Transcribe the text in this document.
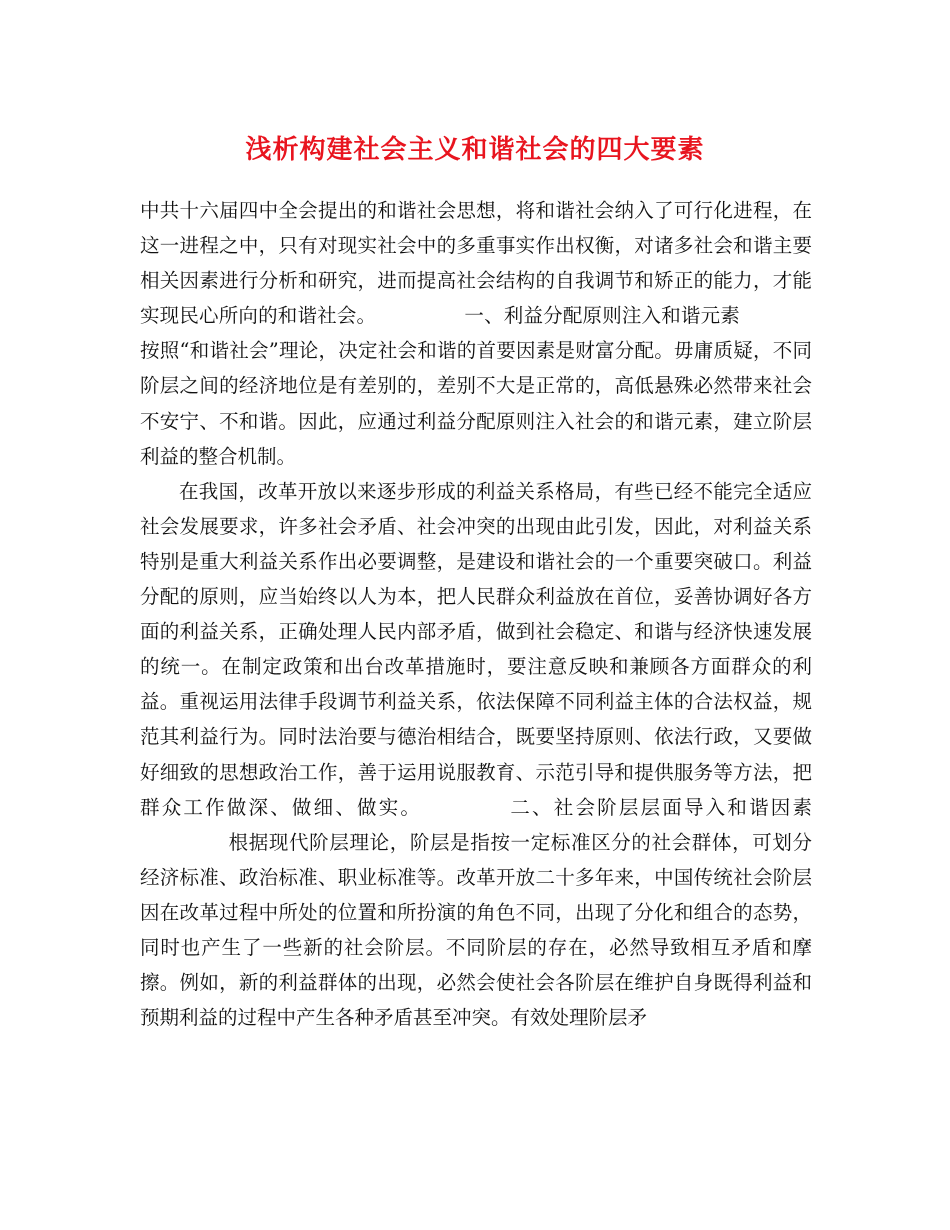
浅析构建社会主义和谐社会的四大要素

中共十六届四中全会提出的和谐社会思想，将和谐社会纳入了可行化进程，在这一进程之中，只有对现实社会中的多重事实作出权衡，对诸多社会和谐主要相关因素进行分析和研究，进而提高社会结构的自我调节和矫正的能力，才能实现民心所向的和谐社会。	一、利益分配原则注入和谐元素按照“和谐社会”理论，决定社会和谐的首要因素是财富分配。毋庸质疑，不同阶层之间的经济地位是有差别的，差别不大是正常的，高低悬殊必然带来社会不安宁、不和谐。因此，应通过利益分配原则注入社会的和谐元素，建立阶层利益的整合机制。

在我国，改革开放以来逐步形成的利益关系格局，有些已经不能完全适应社会发展要求，许多社会矛盾、社会冲突的出现由此引发，因此，对利益关系特别是重大利益关系作出必要调整，是建设和谐社会的一个重要突破口。利益分配的原则，应当始终以人为本，把人民群众利益放在首位，妥善协调好各方面的利益关系，正确处理人民内部矛盾，做到社会稳定、和谐与经济快速发展的统一。在制定政策和出台改革措施时，要注意反映和兼顾各方面群众的利益。重视运用法律手段调节利益关系，依法保障不同利益主体的合法权益，规范其利益行为。同时法治要与德治相结合，既要坚持原则、依法行政，又要做好细致的思想政治工作，善于运用说服教育、示范引导和提供服务等方法，把群众工作做深、做细、做实。	二、社会阶层层面导入和谐因素根据现代阶层理论，阶层是指按一定标准区分的社会群体，可划分经济标准、政治标准、职业标准等。改革开放二十多年来，中国传统社会阶层因在改革过程中所处的位置和所扮演的角色不同，出现了分化和组合的态势，同时也产生了一些新的社会阶层。不同阶层的存在，必然导致相互矛盾和摩擦。例如，新的利益群体的出现，必然会使社会各阶层在维护自身既得利益和预期利益的过程中产生各种矛盾甚至冲突。有效处理阶层矛
